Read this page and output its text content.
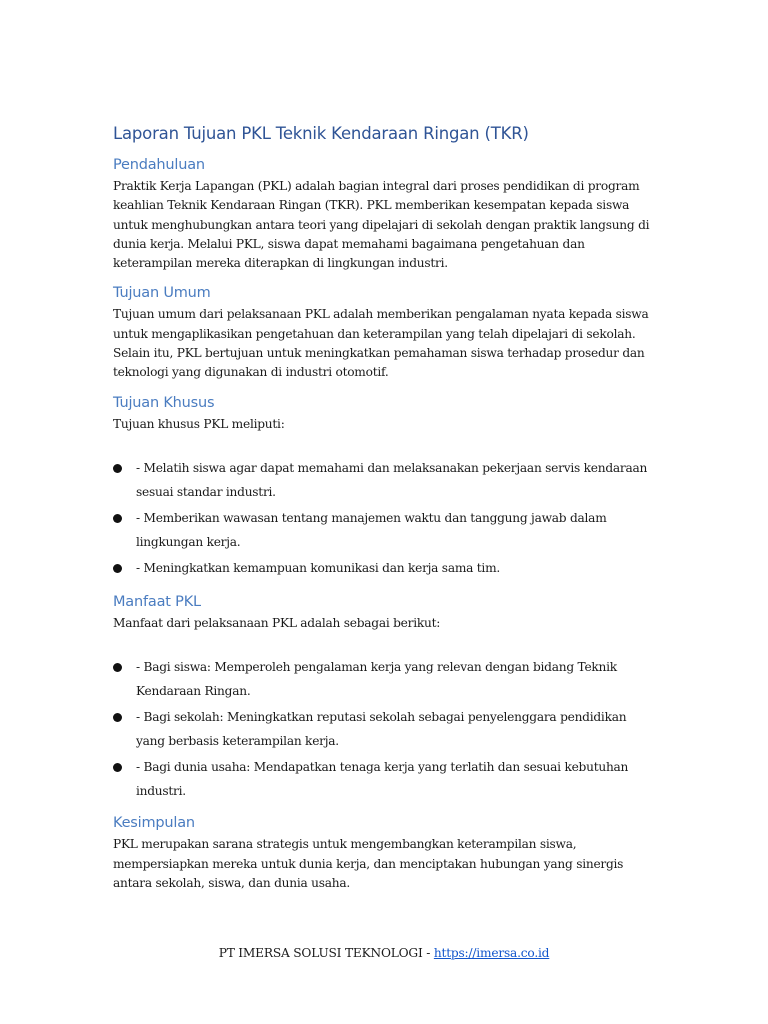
Laporan Tujuan PKL Teknik Kendaraan Ringan (TKR)
Pendahuluan

Praktik Kerja Lapangan (PKL) adalah bagian integral dari proses pendidikan di program keahlian Teknik Kendaraan Ringan (TKR). PKL memberikan kesempatan kepada siswa untuk menghubungkan antara teori yang dipelajari di sekolah dengan praktik langsung di dunia kerja. Melalui PKL, siswa dapat memahami bagaimana pengetahuan dan keterampilan mereka diterapkan di lingkungan industri.

Tujuan Umum

Tujuan umum dari pelaksanaan PKL adalah memberikan pengalaman nyata kepada siswa untuk mengaplikasikan pengetahuan dan keterampilan yang telah dipelajari di sekolah. Selain itu, PKL bertujuan untuk meningkatkan pemahaman siswa terhadap prosedur dan teknologi yang digunakan di industri otomotif.

Tujuan Khusus

Tujuan khusus PKL meliputi:

- Melatih siswa agar dapat memahami dan melaksanakan pekerjaan servis kendaraan sesuai standar industri.
- Memberikan wawasan tentang manajemen waktu dan tanggung jawab dalam lingkungan kerja.
- Meningkatkan kemampuan komunikasi dan kerja sama tim.
Manfaat PKL

Manfaat dari pelaksanaan PKL adalah sebagai berikut:

- Bagi siswa: Memperoleh pengalaman kerja yang relevan dengan bidang Teknik Kendaraan Ringan.
- Bagi sekolah: Meningkatkan reputasi sekolah sebagai penyelenggara pendidikan yang berbasis keterampilan kerja.
- Bagi dunia usaha: Mendapatkan tenaga kerja yang terlatih dan sesuai kebutuhan industri.
Kesimpulan

PKL merupakan sarana strategis untuk mengembangkan keterampilan siswa, mempersiapkan mereka untuk dunia kerja, dan menciptakan hubungan yang sinergis antara sekolah, siswa, dan dunia usaha.

PT IMERSA SOLUSI TEKNOLOGI - https://imersa.co.id
